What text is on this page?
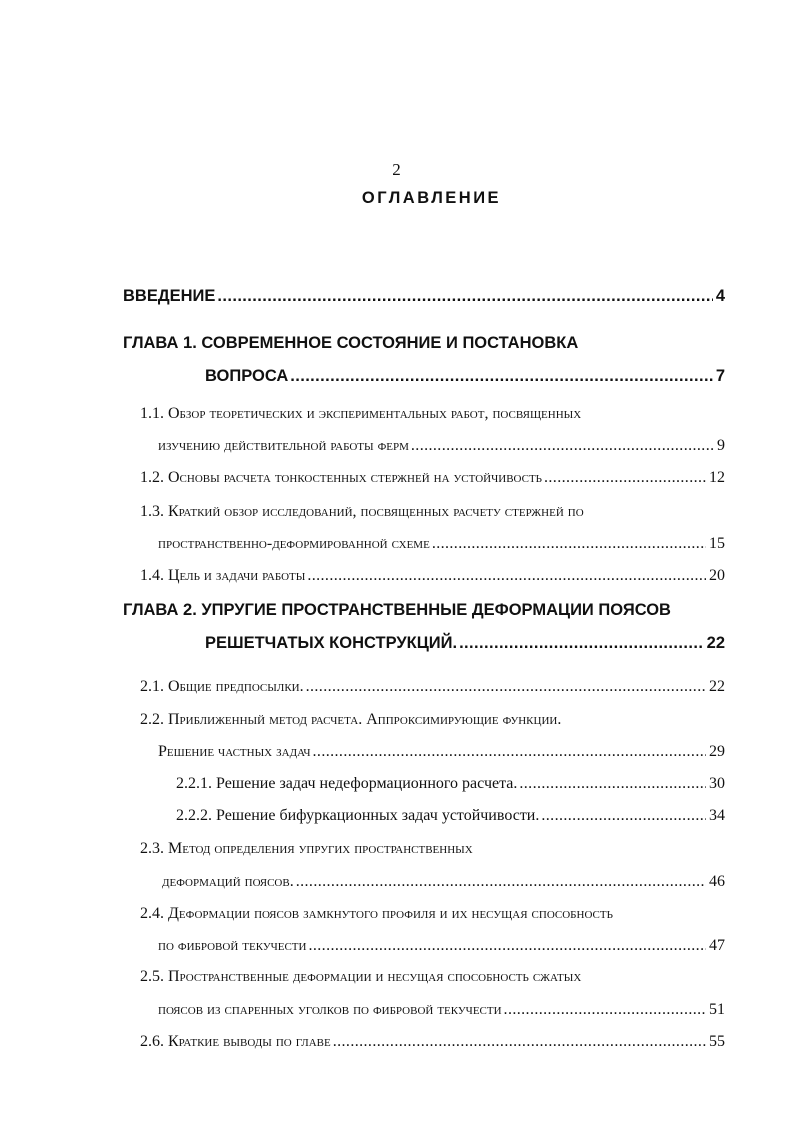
2
ОГЛАВЛЕНИЕ
ВВЕДЕНИЕ .....	4
ГЛАВА 1. СОВРЕМЕННОЕ СОСТОЯНИЕ И ПОСТАНОВКА
ВОПРОСА .....	7
1.1. Обзор теоретических и экспериментальных работ, посвященных
изучению действительной работы ферм .....	9
1.2. Основы расчета тонкостенных стержней на устойчивость .....	12
1.3. Краткий обзор исследований, посвященных расчету стержней по
пространственно-деформированной схеме .....	15
1.4. Цель и задачи работы .....	20
ГЛАВА 2. УПРУГИЕ ПРОСТРАНСТВЕННЫЕ ДЕФОРМАЦИИ ПОЯСОВ
РЕШЕТЧАТЫХ КОНСТРУКЦИЙ. .....	22
2.1. Общие предпосылки. .....	22
2.2. Приближенный метод расчета. Аппроксимирующие функции.
Решение частных задач .....	29
2.2.1. Решение задач недеформационного расчета. .....	30
2.2.2. Решение бифуркационных задач устойчивости. .....	34
2.3. Метод определения упругих пространственных
деформаций поясов. .....	46
2.4. Деформации поясов замкнутого профиля и их несущая способность
по фибровой текучести .....	47
2.5. Пространственные деформации и несущая способность сжатых
поясов из спаренных уголков по фибровой текучести .....	51
2.6. Краткие выводы по главе .....	55
